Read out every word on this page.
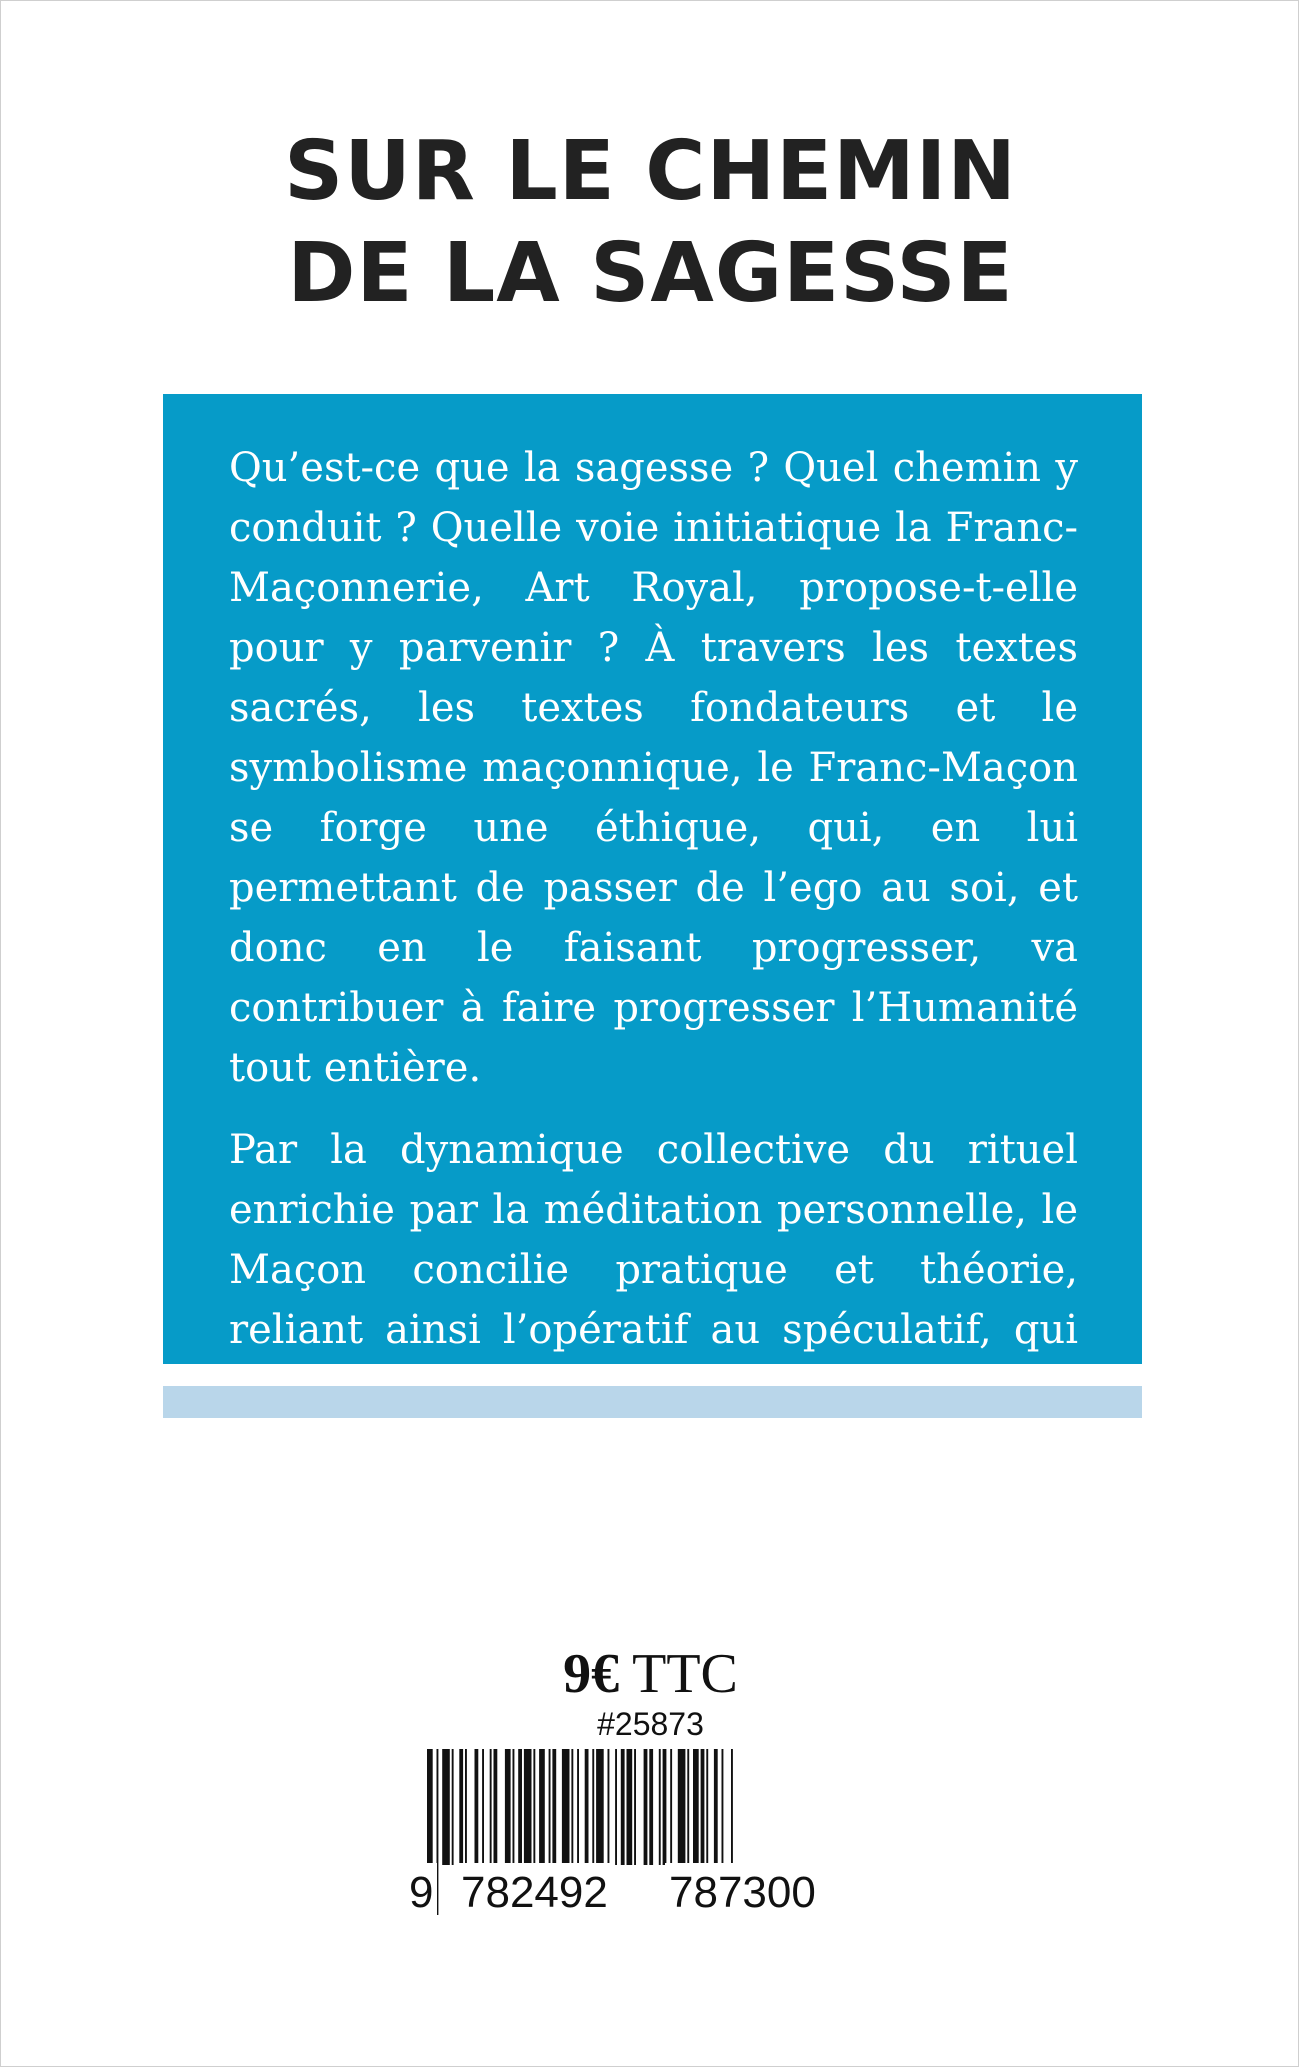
SUR LE CHEMIN
DE LA SAGESSE

Qu’est-ce que la sagesse ? Quel chemin y conduit ? Quelle voie initiatique la Franc-Maçonnerie, Art Royal, propose-t-elle pour y parvenir ? À travers les textes sacrés, les textes fondateurs et le symbolisme maçonnique, le Franc-Maçon se forge une éthique, qui, en lui permettant de passer de l’ego au soi, et donc en le faisant progresser, va contribuer à faire progresser l’Humanité tout entière.

Par la dynamique collective du rituel enrichie par la méditation personnelle, le Maçon concilie pratique et théorie, reliant ainsi l’opératif au spéculatif, qui sagesse.

9€ TTC
#25873
9 782492 787300
